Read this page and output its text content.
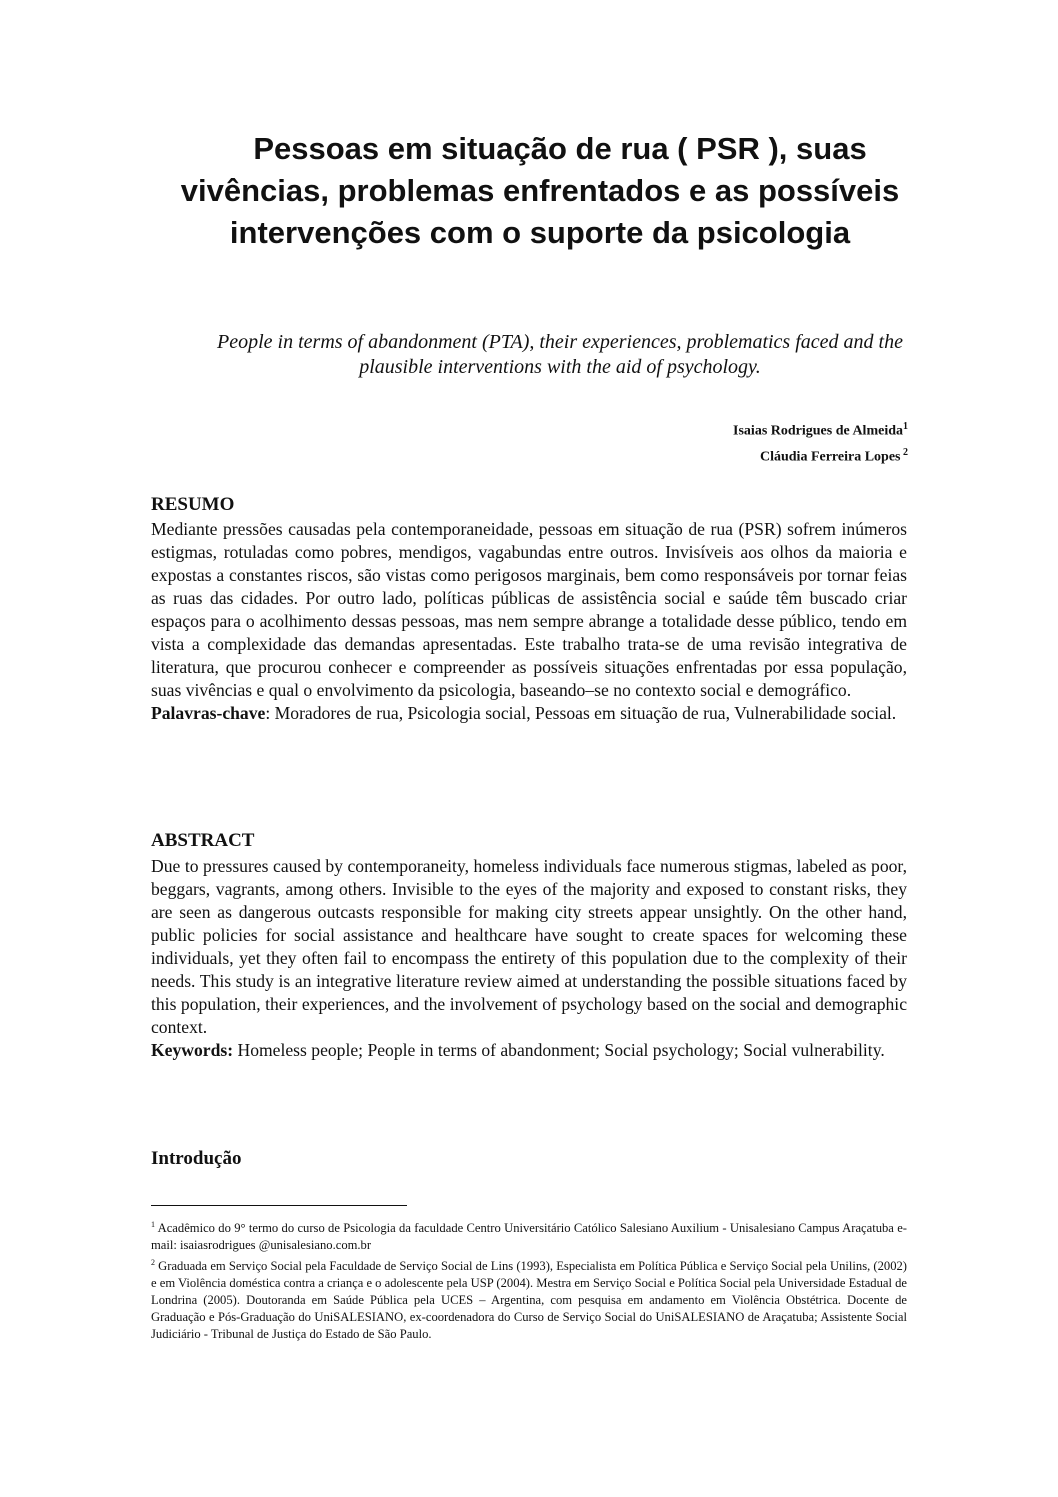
Pessoas em situação de rua ( PSR ), suas vivências, problemas enfrentados e as possíveis intervenções com o suporte da psicologia
People in terms of abandonment (PTA), their experiences, problematics faced and the plausible interventions with the aid of psychology.
Isaias Rodrigues de Almeida$^1$
Cláudia Ferreira Lopes $^2$
RESUMO
Mediante pressões causadas pela contemporaneidade, pessoas em situação de rua (PSR) sofrem inúmeros estigmas, rotuladas como pobres, mendigos, vagabundas entre outros. Invisíveis aos olhos da maioria e expostas a constantes riscos, são vistas como perigosos marginais, bem como responsáveis por tornar feias as ruas das cidades. Por outro lado, políticas públicas de assistência social e saúde têm buscado criar espaços para o acolhimento dessas pessoas, mas nem sempre abrange a totalidade desse público, tendo em vista a complexidade das demandas apresentadas. Este trabalho trata-se de uma revisão integrativa de literatura, que procurou conhecer e compreender as possíveis situações enfrentadas por essa população, suas vivências e qual o envolvimento da psicologia, baseando–se no contexto social e demográfico.
Palavras-chave: Moradores de rua, Psicologia social, Pessoas em situação de rua, Vulnerabilidade social.
ABSTRACT
Due to pressures caused by contemporaneity, homeless individuals face numerous stigmas, labeled as poor, beggars, vagrants, among others. Invisible to the eyes of the majority and exposed to constant risks, they are seen as dangerous outcasts responsible for making city streets appear unsightly. On the other hand, public policies for social assistance and healthcare have sought to create spaces for welcoming these individuals, yet they often fail to encompass the entirety of this population due to the complexity of their needs. This study is an integrative literature review aimed at understanding the possible situations faced by this population, their experiences, and the involvement of psychology based on the social and demographic context.
Keywords: Homeless people; People in terms of abandonment; Social psychology; Social vulnerability.
Introdução

$^1$ Acadêmico do 9° termo do curso de Psicologia da faculdade Centro Universitário Católico Salesiano Auxilium - Unisalesiano Campus Araçatuba e-mail: isaiasrodrigues @unisalesiano.com.br

$^2$ Graduada em Serviço Social pela Faculdade de Serviço Social de Lins (1993), Especialista em Política Pública e Serviço Social pela Unilins, (2002) e em Violência doméstica contra a criança e o adolescente pela USP (2004). Mestra em Serviço Social e Política Social pela Universidade Estadual de Londrina (2005). Doutoranda em Saúde Pública pela UCES – Argentina, com pesquisa em andamento em Violência Obstétrica. Docente de Graduação e Pós-Graduação do UniSALESIANO, ex-coordenadora do Curso de Serviço Social do UniSALESIANO de Araçatuba; Assistente Social Judiciário - Tribunal de Justiça do Estado de São Paulo.
